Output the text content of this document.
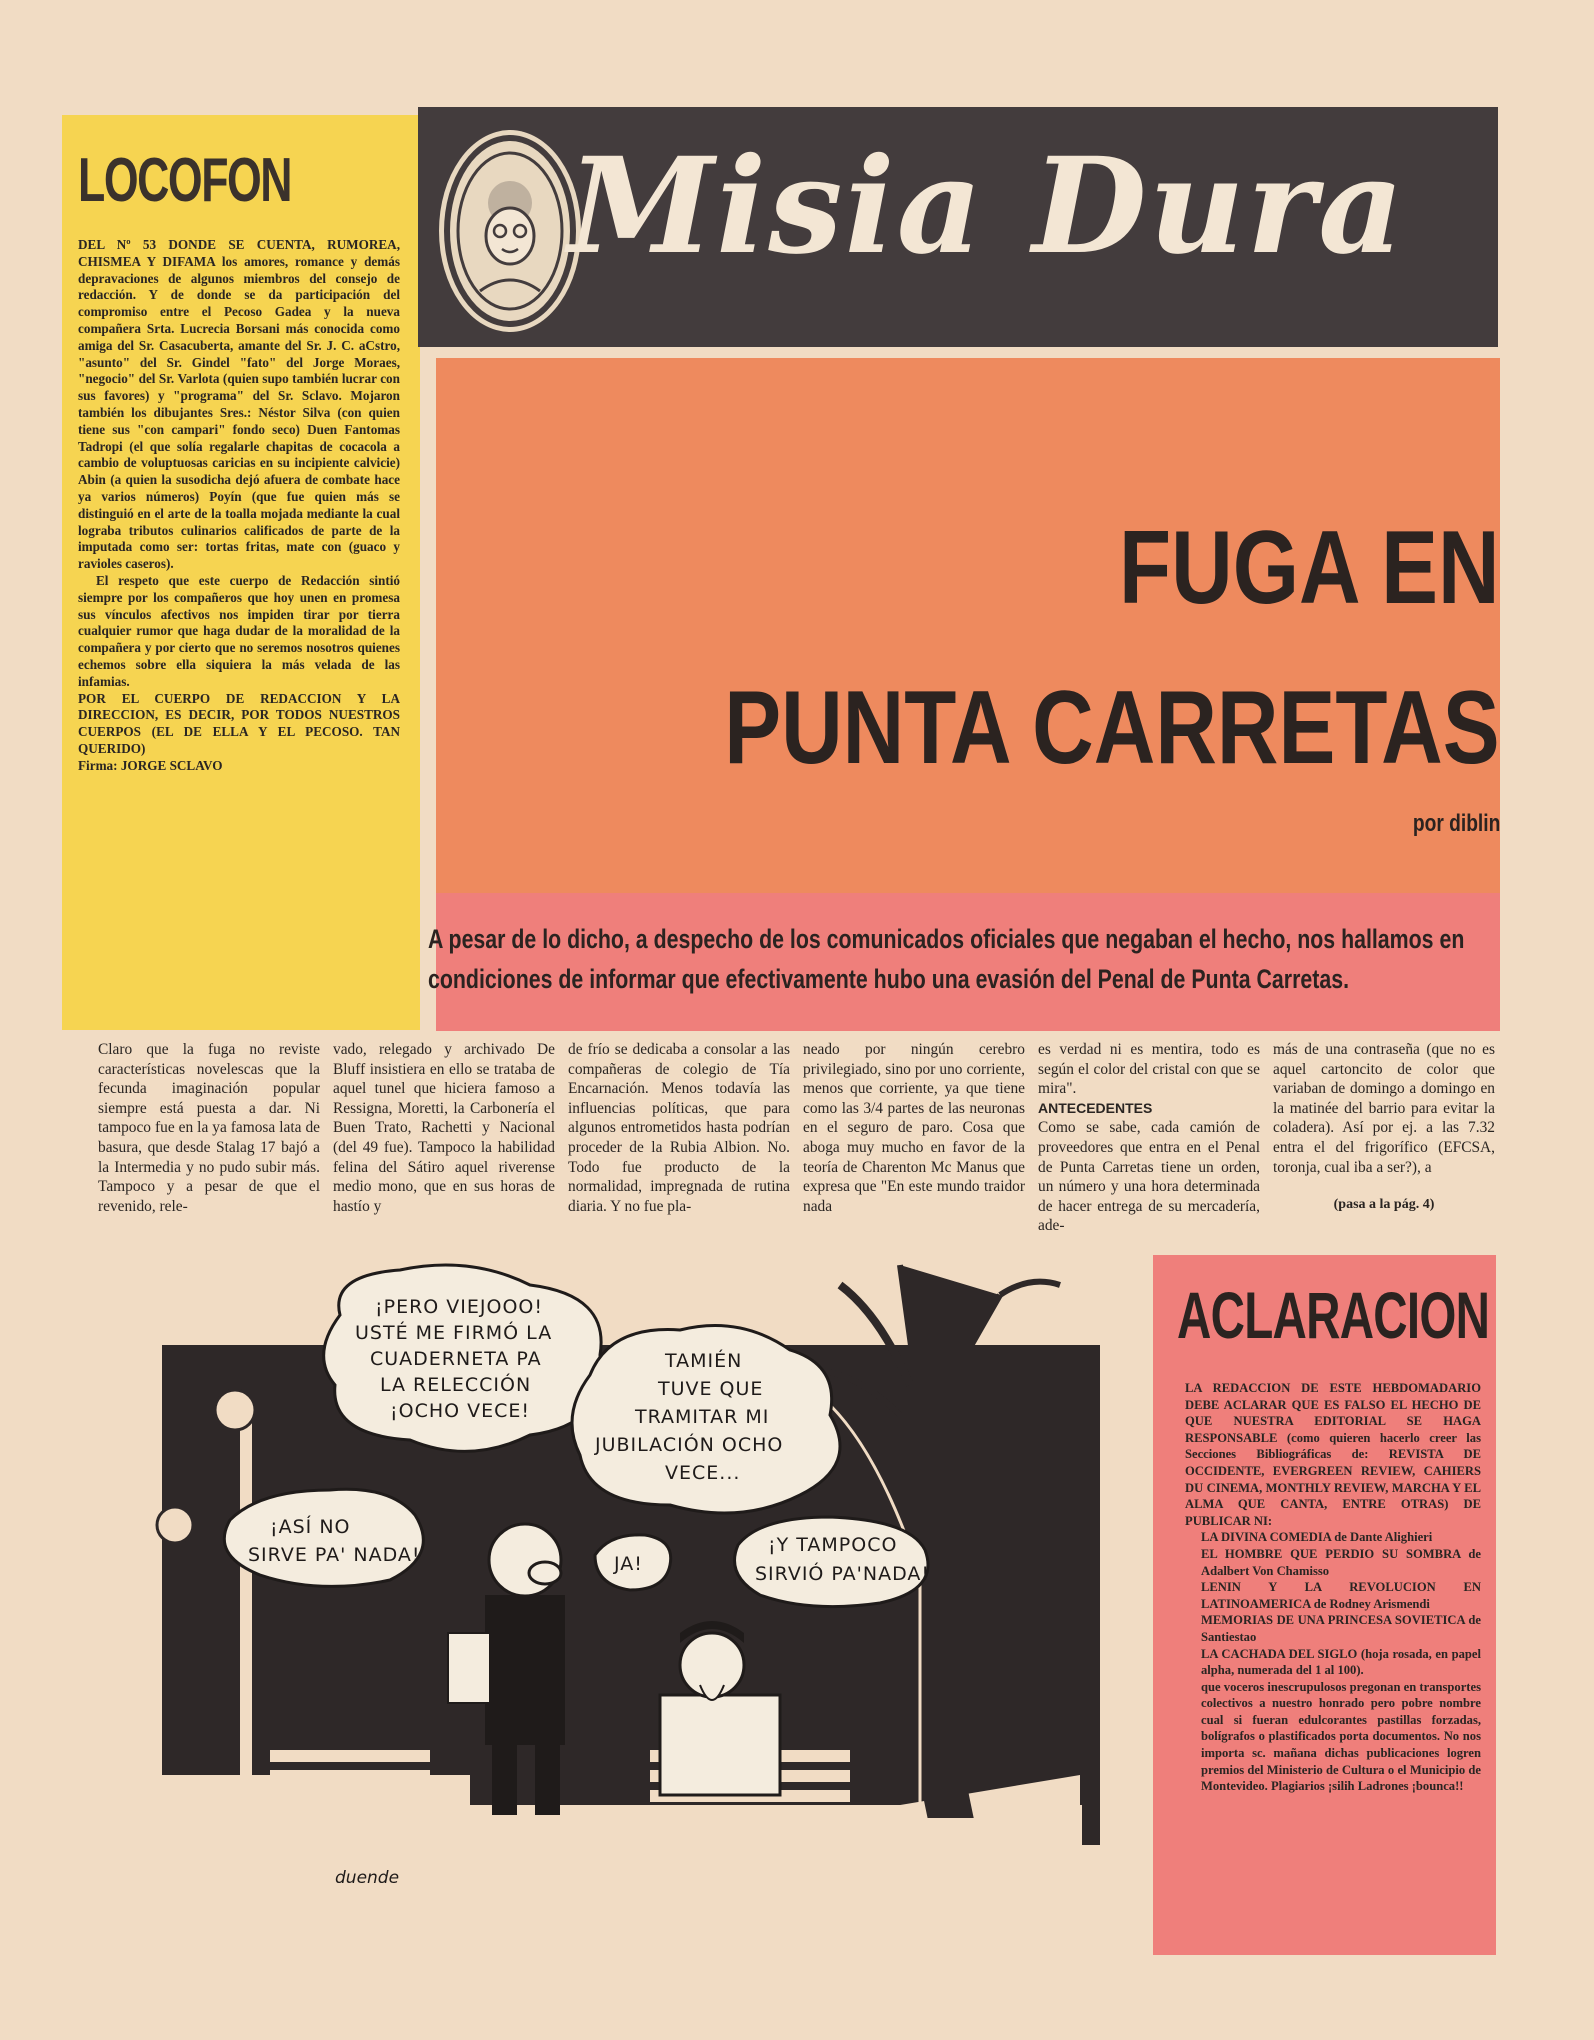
LOCOFON

DEL Nº 53 DONDE SE CUENTA, RUMOREA, CHISMEA Y DIFAMA los amores, romance y demás depravaciones de algunos miembros del consejo de redacción. Y de donde se da participación del compromiso entre el Pecoso Gadea y la nueva compañera Srta. Lucrecia Borsani más conocida como amiga del Sr. Casacuberta, amante del Sr. J. C. aCstro, "asunto" del Sr. Gindel "fato" del Jorge Moraes, "negocio" del Sr. Varlota (quien supo también lucrar con sus favores) y "programa" del Sr. Sclavo. Mojaron también los dibujantes Sres.: Néstor Silva (con quien tiene sus "con campari" fondo seco) Duen Fantomas Tadropi (el que solía regalarle chapitas de cocacola a cambio de voluptuosas caricias en su incipiente calvicie) Abin (a quien la susodicha dejó afuera de combate hace ya varios números) Poyín (que fue quien más se distinguió en el arte de la toalla mojada mediante la cual lograba tributos culinarios calificados de parte de la imputada como ser: tortas fritas, mate con (guaco y ravioles caseros).

El respeto que este cuerpo de Redacción sintió siempre por los compañeros que hoy unen en promesa sus vínculos afectivos nos impiden tirar por tierra cualquier rumor que haga dudar de la moralidad de la compañera y por cierto que no seremos nosotros quienes echemos sobre ella siquiera la más velada de las infamias.

POR EL CUERPO DE REDACCION Y LA DIRECCION, ES DECIR, POR TODOS NUESTROS CUERPOS (EL DE ELLA Y EL PECOSO. TAN QUERIDO)

Firma: JORGE SCLAVO

Misia Dura
FUGA EN
PUNTA CARRETAS
por diblin
A pesar de lo dicho, a despecho de los comunicados oficiales que negaban el hecho, nos hallamos en condiciones de informar que efectivamente hubo una evasión del Penal de Punta Carretas.
Claro que la fuga no reviste características novelescas que la fecunda imaginación popular siempre está puesta a dar. Ni tampoco fue en la ya famosa lata de basura, que desde Stalag 17 bajó a la Intermedia y no pudo subir más. Tampoco y a pesar de que el revenido, rele-
vado, relegado y archivado De Bluff insistiera en ello se trataba de aquel tunel que hiciera famoso a Ressigna, Moretti, la Carbonería el Buen Trato, Rachetti y Nacional (del 49 fue). Tampoco la habilidad felina del Sátiro aquel riverense medio mono, que en sus horas de hastío y
de frío se dedicaba a consolar a las compañeras de colegio de Tía Encarnación. Menos todavía las influencias políticas, que para algunos entrometidos hasta podrían proceder de la Rubia Albion. No. Todo fue producto de la normalidad, impregnada de rutina diaria. Y no fue pla-
neado por ningún cerebro privilegiado, sino por uno corriente, menos que corriente, ya que tiene como las 3/4 partes de las neuronas en el seguro de paro. Cosa que aboga muy mucho en favor de la teoría de Charenton Mc Manus que expresa que "En este mundo traidor nada
es verdad ni es mentira, todo es según el color del cristal con que se mira".
ANTECEDENTES
Como se sabe, cada camión de proveedores que entra en el Penal de Punta Carretas tiene un orden, un número y una hora determinada de hacer entrega de su mercadería, ade-
más de una contraseña (que no es aquel cartoncito de color que variaban de domingo a domingo en la matinée del barrio para evitar la coladera). Así por ej. a las 7.32 entra el del frigorífico (EFCSA, toronja, cual iba a ser?), a
(pasa a la pág. 4)
¡PERO VIEJOOO!
USTÉ ME FIRMÓ LA
CUADERNETA PA
LA RELECCIÓN
¡OCHO VECE!
TAMIÉN
TUVE QUE
TRAMITAR MI
JUBILACIÓN OCHO
VECE...
¡ASÍ NO
SIRVE PA' NADA!	JA!
¡Y TAMPOCO
SIRVIÓ PA'NADA!
duende
ACLARACION

LA REDACCION DE ESTE HEBDOMADARIO DEBE ACLARAR QUE ES FALSO EL HECHO DE QUE NUESTRA EDITORIAL SE HAGA RESPONSABLE (como quieren hacerlo creer las Secciones Bibliográficas de: REVISTA DE OCCIDENTE, EVERGREEN REVIEW, CAHIERS DU CINEMA, MONTHLY REVIEW, MARCHA Y EL ALMA QUE CANTA, ENTRE OTRAS) DE PUBLICAR NI:

LA DIVINA COMEDIA de Dante Alighieri
EL HOMBRE QUE PERDIO SU SOMBRA de Adalbert Von Chamisso
LENIN Y LA REVOLUCION EN LATINOAMERICA de Rodney Arismendi
MEMORIAS DE UNA PRINCESA SOVIETICA de Santiestao
LA CACHADA DEL SIGLO (hoja rosada, en papel alpha, numerada del 1 al 100).

que voceros inescrupulosos pregonan en transportes colectivos a nuestro honrado pero pobre nombre cual si fueran edulcorantes pastillas forzadas, bolígrafos o plastificados porta documentos. No nos importa sc. mañana dichas publicaciones logren premios del Ministerio de Cultura o el Municipio de Montevideo. Plagiarios ¡silih Ladrones ¡bounca!!
